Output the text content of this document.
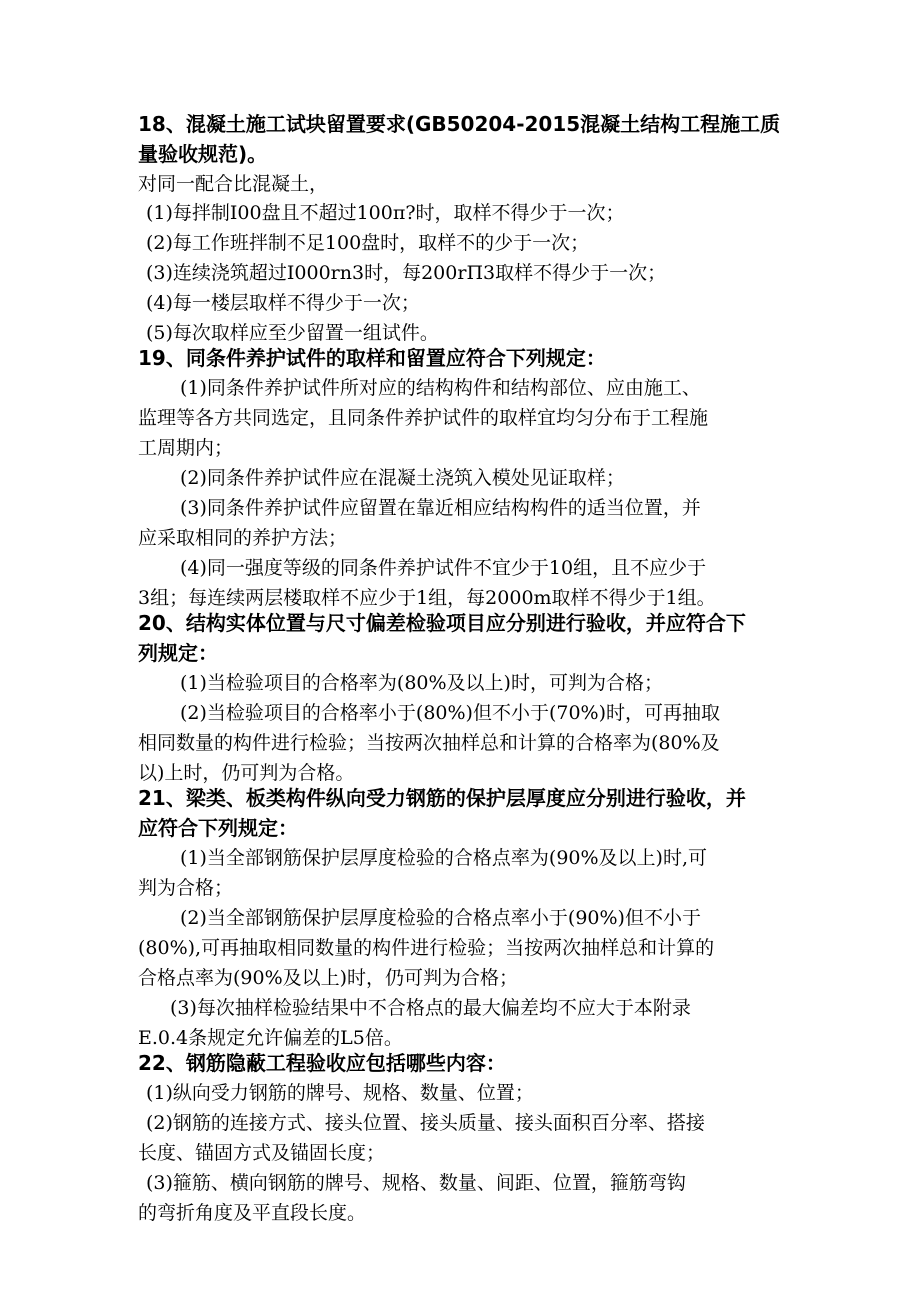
18、混凝土施工试块留置要求(GB50204-2015混凝土结构工程施工质
量验收规范)。
对同一配合比混凝土，
(1)每拌制I00盘且不超过100π?时，取样不得少于一次；
(2)每工作班拌制不足100盘时，取样不的少于一次；
(3)连续浇筑超过I000rn3时，每200rΠ3取样不得少于一次；
(4)每一楼层取样不得少于一次；
(5)每次取样应至少留置一组试件。
19、同条件养护试件的取样和留置应符合下列规定：
(1)同条件养护试件所对应的结构构件和结构部位、应由施工、
监理等各方共同选定，且同条件养护试件的取样宜均匀分布于工程施
工周期内；
(2)同条件养护试件应在混凝土浇筑入模处见证取样；
(3)同条件养护试件应留置在靠近相应结构构件的适当位置，并
应采取相同的养护方法；
(4)同一强度等级的同条件养护试件不宜少于10组，且不应少于
3组；每连续两层楼取样不应少于1组，每2000m取样不得少于1组。
20、结构实体位置与尺寸偏差检验项目应分别进行验收，并应符合下
列规定：
(1)当检验项目的合格率为(80%及以上)时，可判为合格；
(2)当检验项目的合格率小于(80%)但不小于(70%)时，可再抽取
相同数量的构件进行检验；当按两次抽样总和计算的合格率为(80%及
以)上时，仍可判为合格。
21、梁类、板类构件纵向受力钢筋的保护层厚度应分别进行验收，并
应符合下列规定：
(1)当全部钢筋保护层厚度检验的合格点率为(90%及以上)时,可
判为合格；
(2)当全部钢筋保护层厚度检验的合格点率小于(90%)但不小于
(80%),可再抽取相同数量的构件进行检验；当按两次抽样总和计算的
合格点率为(90%及以上)时，仍可判为合格；
(3)每次抽样检验结果中不合格点的最大偏差均不应大于本附录
E.0.4条规定允许偏差的L5倍。
22、钢筋隐蔽工程验收应包括哪些内容：
(1)纵向受力钢筋的牌号、规格、数量、位置；
(2)钢筋的连接方式、接头位置、接头质量、接头面积百分率、搭接
长度、锚固方式及锚固长度；
(3)箍筋、横向钢筋的牌号、规格、数量、间距、位置，箍筋弯钩
的弯折角度及平直段长度。
